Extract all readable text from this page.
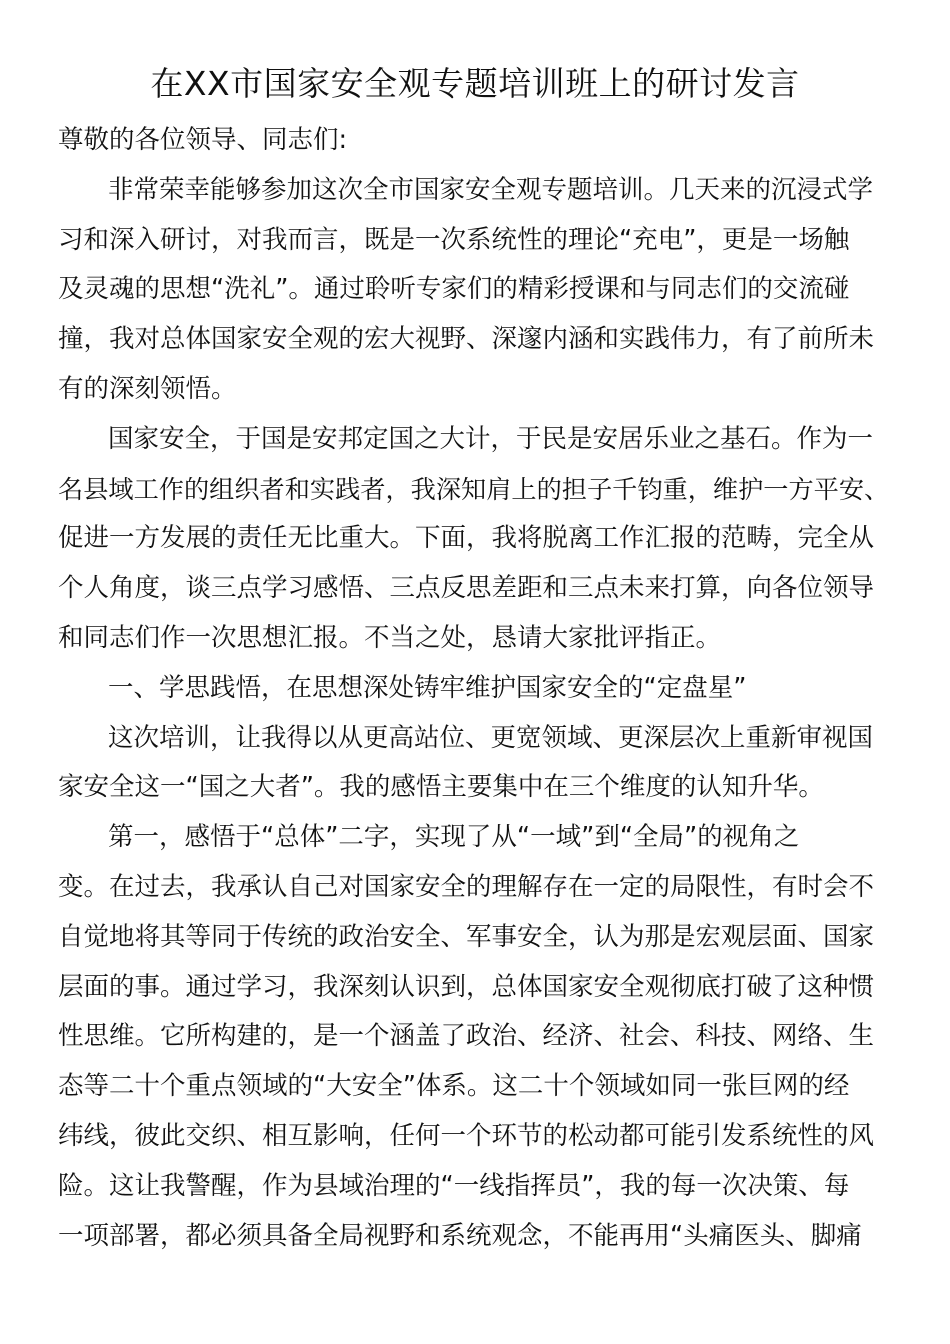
在XX市国家安全观专题培训班上的研讨发言
尊敬的各位领导、同志们:
非常荣幸能够参加这次全市国家安全观专题培训。几天来的沉浸式学
习和深入研讨，对我而言，既是一次系统性的理论“充电”，更是一场触
及灵魂的思想“洗礼”。通过聆听专家们的精彩授课和与同志们的交流碰
撞，我对总体国家安全观的宏大视野、深邃内涵和实践伟力，有了前所未
有的深刻领悟。
国家安全，于国是安邦定国之大计，于民是安居乐业之基石。作为一
名县域工作的组织者和实践者，我深知肩上的担子千钧重，维护一方平安、
促进一方发展的责任无比重大。下面，我将脱离工作汇报的范畴，完全从
个人角度，谈三点学习感悟、三点反思差距和三点未来打算，向各位领导
和同志们作一次思想汇报。不当之处，恳请大家批评指正。
一、学思践悟，在思想深处铸牢维护国家安全的“定盘星”
这次培训，让我得以从更高站位、更宽领域、更深层次上重新审视国
家安全这一“国之大者”。我的感悟主要集中在三个维度的认知升华。
第一，感悟于“总体”二字，实现了从“一域”到“全局”的视角之
变。在过去，我承认自己对国家安全的理解存在一定的局限性，有时会不
自觉地将其等同于传统的政治安全、军事安全，认为那是宏观层面、国家
层面的事。通过学习，我深刻认识到，总体国家安全观彻底打破了这种惯
性思维。它所构建的，是一个涵盖了政治、经济、社会、科技、网络、生
态等二十个重点领域的“大安全”体系。这二十个领域如同一张巨网的经
纬线，彼此交织、相互影响，任何一个环节的松动都可能引发系统性的风
险。这让我警醒，作为县域治理的“一线指挥员”，我的每一次决策、每
一项部署，都必须具备全局视野和系统观念，不能再用“头痛医头、脚痛
